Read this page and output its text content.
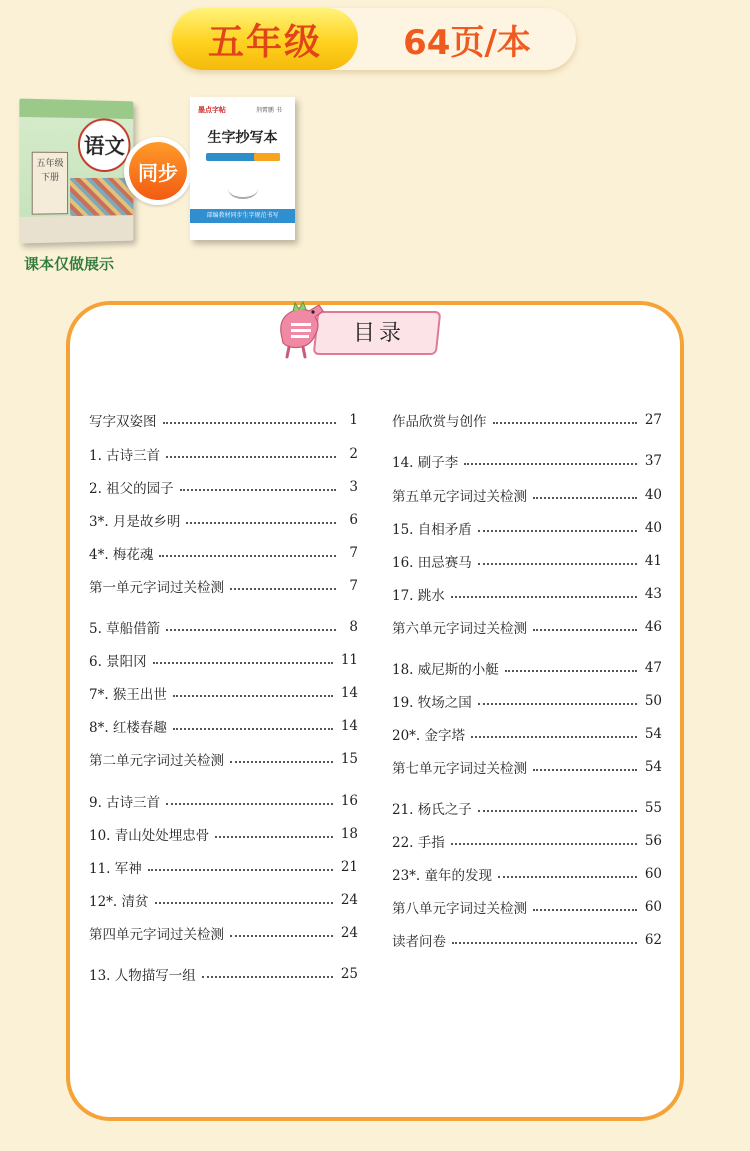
五年级	64页/本
语文
五年级
下册	同步
墨点字帖	荆霄鹏 书
生字抄写本
部编教材同步生字规范书写
课本仅做展示
目录
写字双姿图	1
1. 古诗三首	2
2. 祖父的园子	3
3*. 月是故乡明	6
4*. 梅花魂	7
第一单元字词过关检测	7
5. 草船借箭	8
6. 景阳冈	11
7*. 猴王出世	14
8*. 红楼春趣	14
第二单元字词过关检测	15
9. 古诗三首	16
10. 青山处处埋忠骨	18
11. 军神	21
12*. 清贫	24
第四单元字词过关检测	24
13. 人物描写一组	25
作品欣赏与创作	27
14. 刷子李	37
第五单元字词过关检测	40
15. 自相矛盾	40
16. 田忌赛马	41
17. 跳水	43
第六单元字词过关检测	46
18. 威尼斯的小艇	47
19. 牧场之国	50
20*. 金字塔	54
第七单元字词过关检测	54
21. 杨氏之子	55
22. 手指	56
23*. 童年的发现	60
第八单元字词过关检测	60
读者问卷	62
